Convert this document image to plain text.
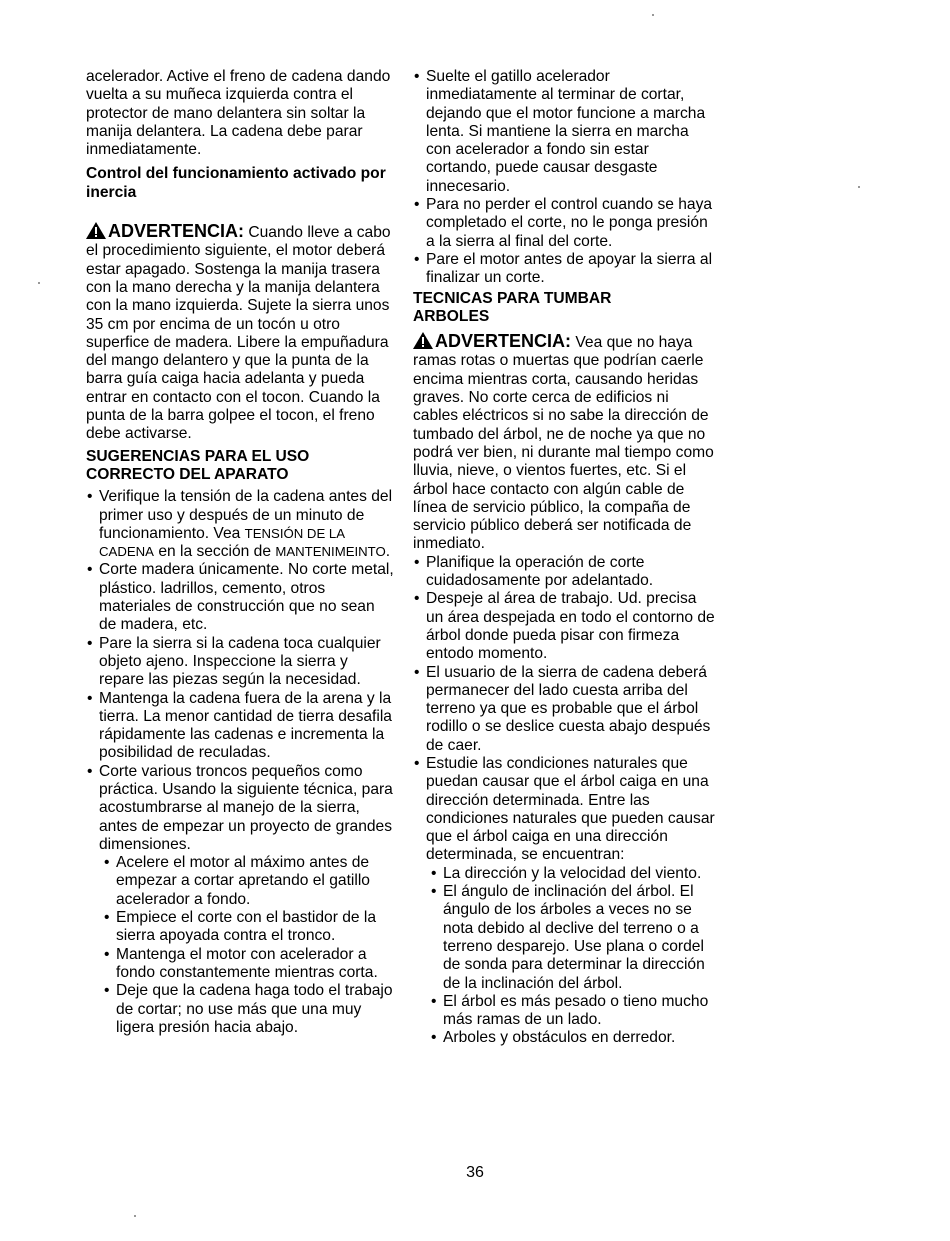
acelerador. Active el freno de cadena dando vuelta a su muñeca izquierda contra el protector de mano delantera sin soltar la manija delantera. La cadena debe parar inmediatamente.

Control del funcionamiento activado por inercia

ADVERTENCIA: Cuando lleve a cabo el procedimiento siguiente, el motor deberá estar apagado. Sostenga la manija trasera con la mano derecha y la manija delantera con la mano izquierda. Sujete la sierra unos 35 cm por encima de un tocón u otro superfice de madera. Libere la empuñadura del mango delantero y que la punta de la barra guía caiga hacia adelanta y pueda entrar en contacto con el tocon. Cuando la punta de la barra golpee el tocon, el freno debe activarse.

SUGERENCIAS PARA EL USO CORRECTO DEL APARATO

• Verifique la tensión de la cadena antes del primer uso y después de un minuto de funcionamiento. Vea TENSIÓN DE LA CADENA en la sección de MANTENIMEINTO.
• Corte madera únicamente. No corte metal, plástico. ladrillos, cemento, otros materiales de construcción que no sean de madera, etc.
• Pare la sierra si la cadena toca cualquier objeto ajeno. Inspeccione la sierra y repare las piezas según la necesidad.
• Mantenga la cadena fuera de la arena y la tierra. La menor cantidad de tierra desafila rápidamente las cadenas e incrementa la posibilidad de reculadas.
• Corte various troncos pequeños como práctica. Usando la siguiente técnica, para acostumbrarse al manejo de la sierra, antes de empezar un proyecto de grandes dimensiones.
• Acelere el motor al máximo antes de empezar a cortar apretando el gatillo acelerador a fondo.
• Empiece el corte con el bastidor de la sierra apoyada contra el tronco.
• Mantenga el motor con acelerador a fondo constantemente mientras corta.
• Deje que la cadena haga todo el trabajo de cortar; no use más que una muy ligera presión hacia abajo.
• Suelte el gatillo acelerador inmediatamente al terminar de cortar, dejando que el motor funcione a marcha lenta. Si mantiene la sierra en marcha con acelerador a fondo sin estar cortando, puede causar desgaste innecesario.
• Para no perder el control cuando se haya completado el corte, no le ponga presión a la sierra al final del corte.
• Pare el motor antes de apoyar la sierra al finalizar un corte.

TECNICAS PARA TUMBAR ARBOLES

ADVERTENCIA: Vea que no haya ramas rotas o muertas que podrían caerle encima mientras corta, causando heridas graves. No corte cerca de edificios ni cables eléctricos si no sabe la dirección de tumbado del árbol, ne de noche ya que no podrá ver bien, ni durante mal tiempo como lluvia, nieve, o vientos fuertes, etc. Si el árbol hace contacto con algún cable de línea de servicio público, la compaña de servicio público deberá ser notificada de inmediato.

• Planifique la operación de corte cuidadosamente por adelantado.
• Despeje al área de trabajo. Ud. precisa un área despejada en todo el contorno de árbol donde pueda pisar con firmeza entodo momento.
• El usuario de la sierra de cadena deberá permanecer del lado cuesta arriba del terreno ya que es probable que el árbol rodillo o se deslice cuesta abajo después de caer.
• Estudie las condiciones naturales que puedan causar que el árbol caiga en una dirección determinada. Entre las condiciones naturales que pueden causar que el árbol caiga en una dirección determinada, se encuentran:
• La dirección y la velocidad del viento.
• El ángulo de inclinación del árbol. El ángulo de los árboles a veces no se nota debido al declive del terreno o a terreno desparejo. Use plana o cordel de sonda para determinar la dirección de la inclinación del árbol.
• El árbol es más pesado o tieno mucho más ramas de un lado.
• Arboles y obstáculos en derredor.
36
